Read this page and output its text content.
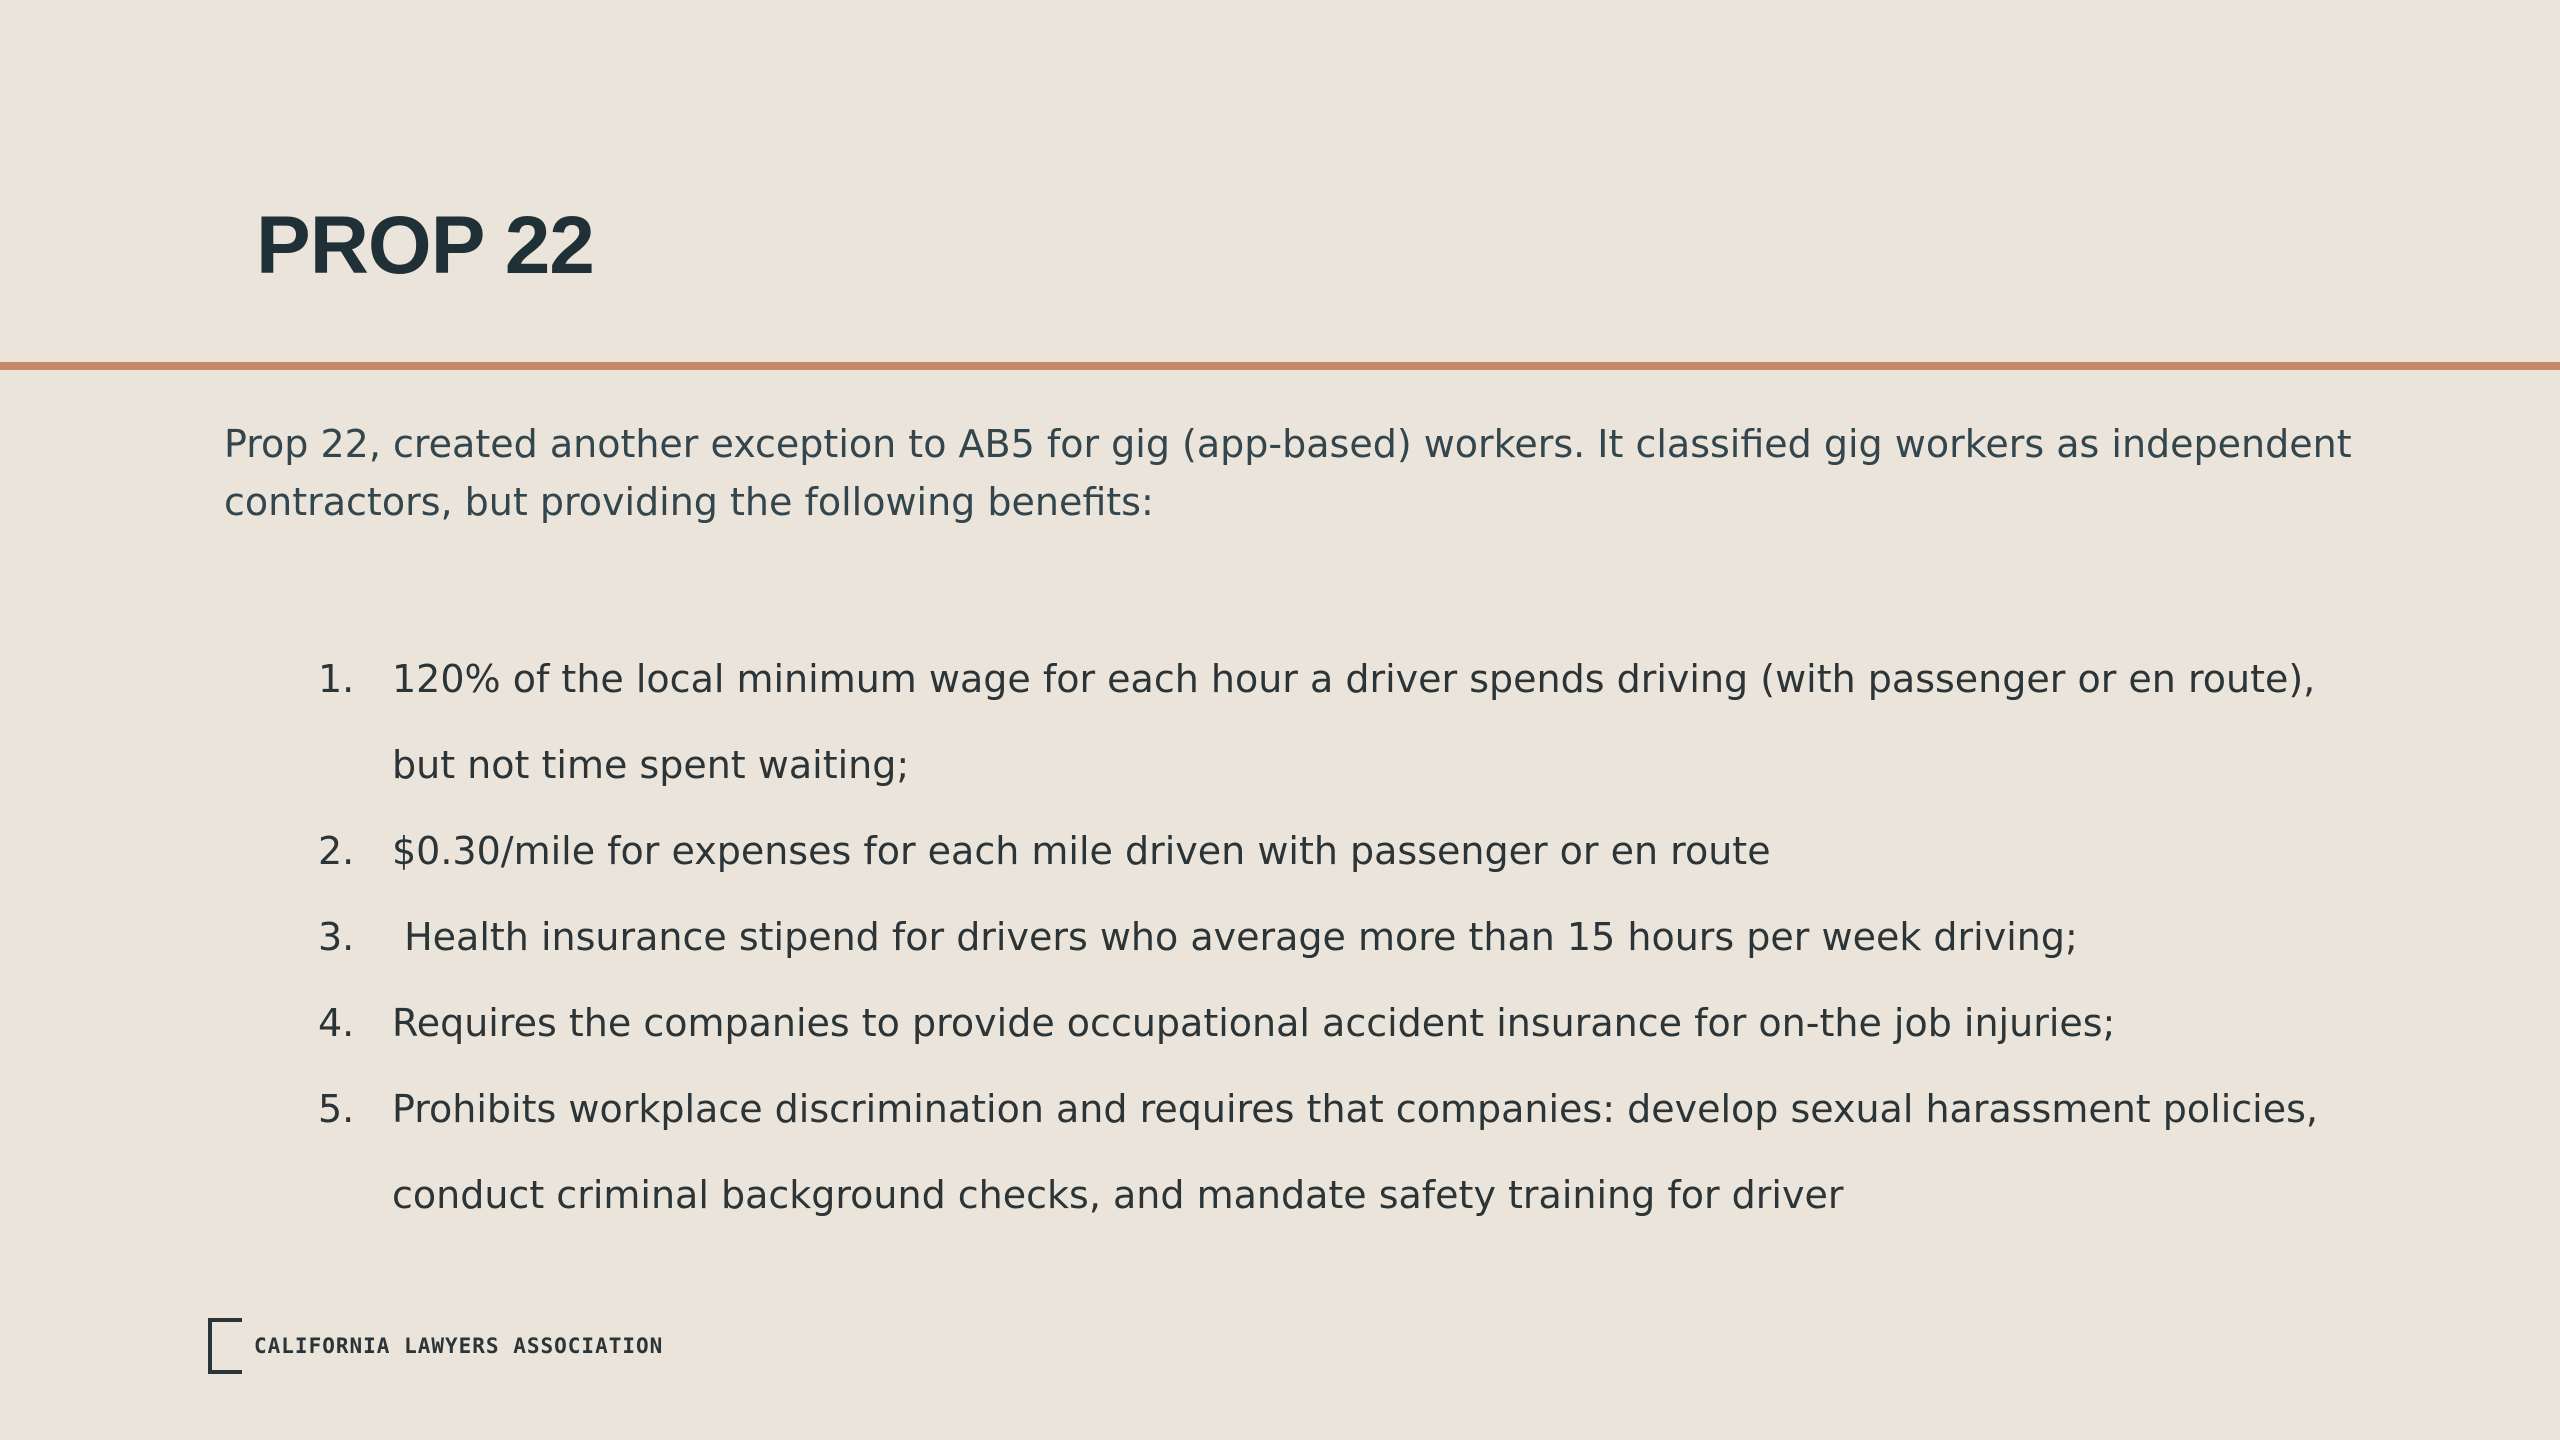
PROP 22

Prop 22, created another exception to AB5 for gig (app-based) workers. It classified gig workers as independent contractors, but providing the following benefits:

1. 120% of the local minimum wage for each hour a driver spends driving (with passenger or en route), but not time spent waiting;
2. $0.30/mile for expenses for each mile driven with passenger or en route
3. Health insurance stipend for drivers who average more than 15 hours per week driving;
4. Requires the companies to provide occupational accident insurance for on-the job injuries;
5. Prohibits workplace discrimination and requires that companies: develop sexual harassment policies, conduct criminal background checks, and mandate safety training for driver
CALIFORNIA LAWYERS ASSOCIATION
